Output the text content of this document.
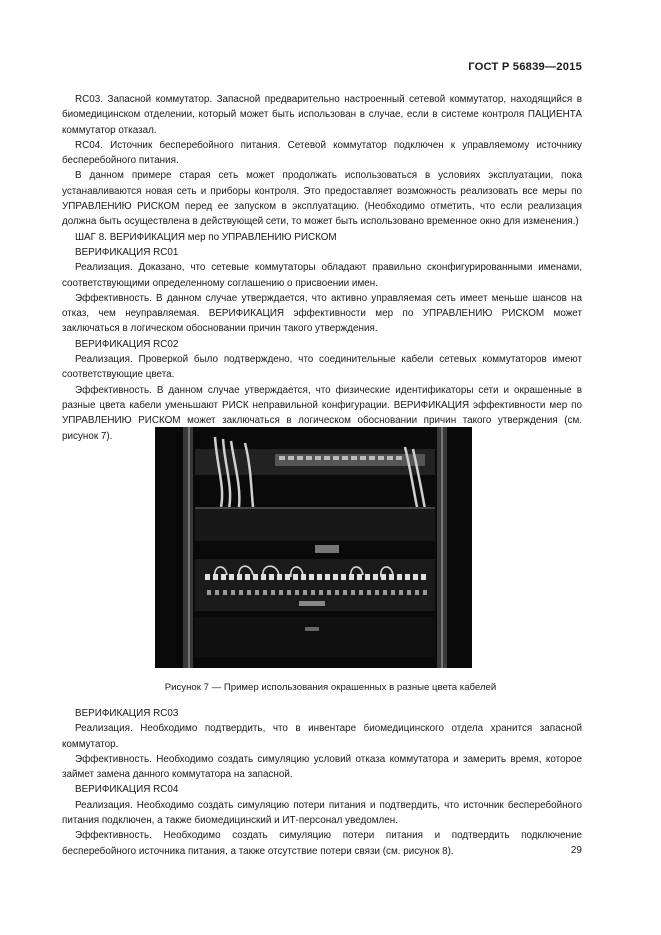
ГОСТ Р 56839—2015

RC03. Запасной коммутатор. Запасной предварительно настроенный сетевой коммутатор, находящийся в биомедицинском отделении, который может быть использован в случае, если в системе контроля ПАЦИЕНТА коммутатор отказал.

RC04. Источник бесперебойного питания. Сетевой коммутатор подключен к управляемому источнику бесперебойного питания.

В данном примере старая сеть может продолжать использоваться в условиях эксплуатации, пока устанавливаются новая сеть и приборы контроля. Это предоставляет возможность реализовать все меры по УПРАВЛЕНИЮ РИСКОМ перед ее запуском в эксплуатацию. (Необходимо отметить, что если реализация должна быть осуществлена в действующей сети, то может быть использовано временное окно для изменения.)

ШАГ 8. ВЕРИФИКАЦИЯ мер по УПРАВЛЕНИЮ РИСКОМ

ВЕРИФИКАЦИЯ RC01

Реализация. Доказано, что сетевые коммутаторы обладают правильно сконфигурированными именами, соответствующими определенному соглашению о присвоении имен.

Эффективность. В данном случае утверждается, что активно управляемая сеть имеет меньше шансов на отказ, чем неуправляемая. ВЕРИФИКАЦИЯ эффективности мер по УПРАВЛЕНИЮ РИСКОМ может заключаться в логическом обосновании причин такого утверждения.

ВЕРИФИКАЦИЯ RC02

Реализация. Проверкой было подтверждено, что соединительные кабели сетевых коммутаторов имеют соответствующие цвета.

Эффективность. В данном случае утверждается, что физические идентификаторы сети и окрашенные в разные цвета кабели уменьшают РИСК неправильной конфигурации. ВЕРИФИКАЦИЯ эффективности мер по УПРАВЛЕНИЮ РИСКОМ может заключаться в логическом обосновании причин такого утверждения (см. рисунок 7).

Рисунок 7 — Пример использования окрашенных в разные цвета кабелей

ВЕРИФИКАЦИЯ RC03

Реализация. Необходимо подтвердить, что в инвентаре биомедицинского отдела хранится запасной коммутатор.

Эффективность. Необходимо создать симуляцию условий отказа коммутатора и замерить время, которое займет замена данного коммутатора на запасной.

ВЕРИФИКАЦИЯ RC04

Реализация. Необходимо создать симуляцию потери питания и подтвердить, что источник бесперебойного питания подключен, а также биомедицинский и ИТ-персонал уведомлен.

Эффективность. Необходимо создать симуляцию потери питания и подтвердить подключение бесперебойного источника питания, а также отсутствие потери связи (см. рисунок 8).	29
